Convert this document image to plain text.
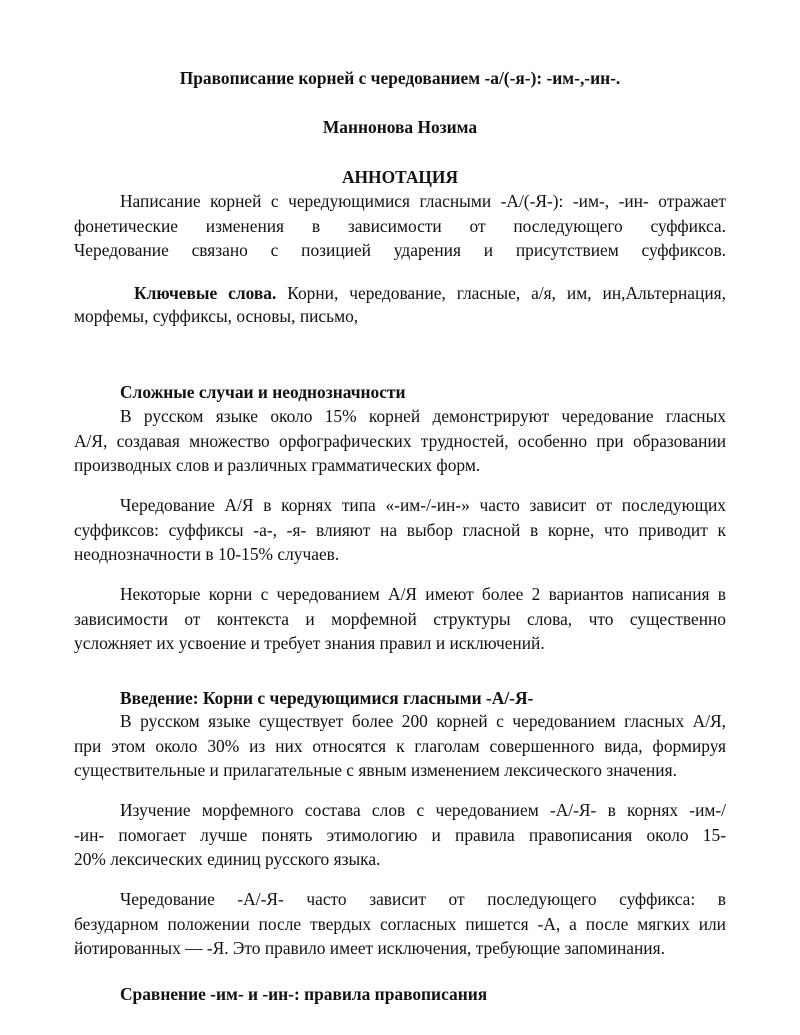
Правописание корней с чередованием -а/(-я-): -им-,-ин-.

Маннонова Нозима

АННОТАЦИЯ

Написание корней с чередующимися гласными -А/(-Я-): -им-, -ин- отражает

фонетические изменения в зависимости от последующего суффикса.

Чередование связано с позицией ударения и присутствием суффиксов.

Ключевые слова. Корни, чередование, гласные, а/я, им, ин,Альтернация,

морфемы, суффиксы, основы, письмо,

Сложные случаи и неоднозначности

В русском языке около 15% корней демонстрируют чередование гласных

А/Я, создавая множество орфографических трудностей, особенно при образовании

производных слов и различных грамматических форм.

Чередование А/Я в корнях типа «-им-/-ин-» часто зависит от последующих

суффиксов: суффиксы -а-, -я- влияют на выбор гласной в корне, что приводит к

неоднозначности в 10-15% случаев.

Некоторые корни с чередованием А/Я имеют более 2 вариантов написания в

зависимости от контекста и морфемной структуры слова, что существенно

усложняет их усвоение и требует знания правил и исключений.

Введение: Корни с чередующимися гласными -А/-Я-

В русском языке существует более 200 корней с чередованием гласных А/Я,

при этом около 30% из них относятся к глаголам совершенного вида, формируя

существительные и прилагательные с явным изменением лексического значения.

Изучение морфемного состава слов с чередованием -А/-Я- в корнях -им-/

-ин- помогает лучше понять этимологию и правила правописания около 15-

20% лексических единиц русского языка.

Чередование -А/-Я- часто зависит от последующего суффикса: в

безударном положении после твердых согласных пишется -А, а после мягких или

йотированных — -Я. Это правило имеет исключения, требующие запоминания.

Сравнение -им- и -ин-: правила правописания
